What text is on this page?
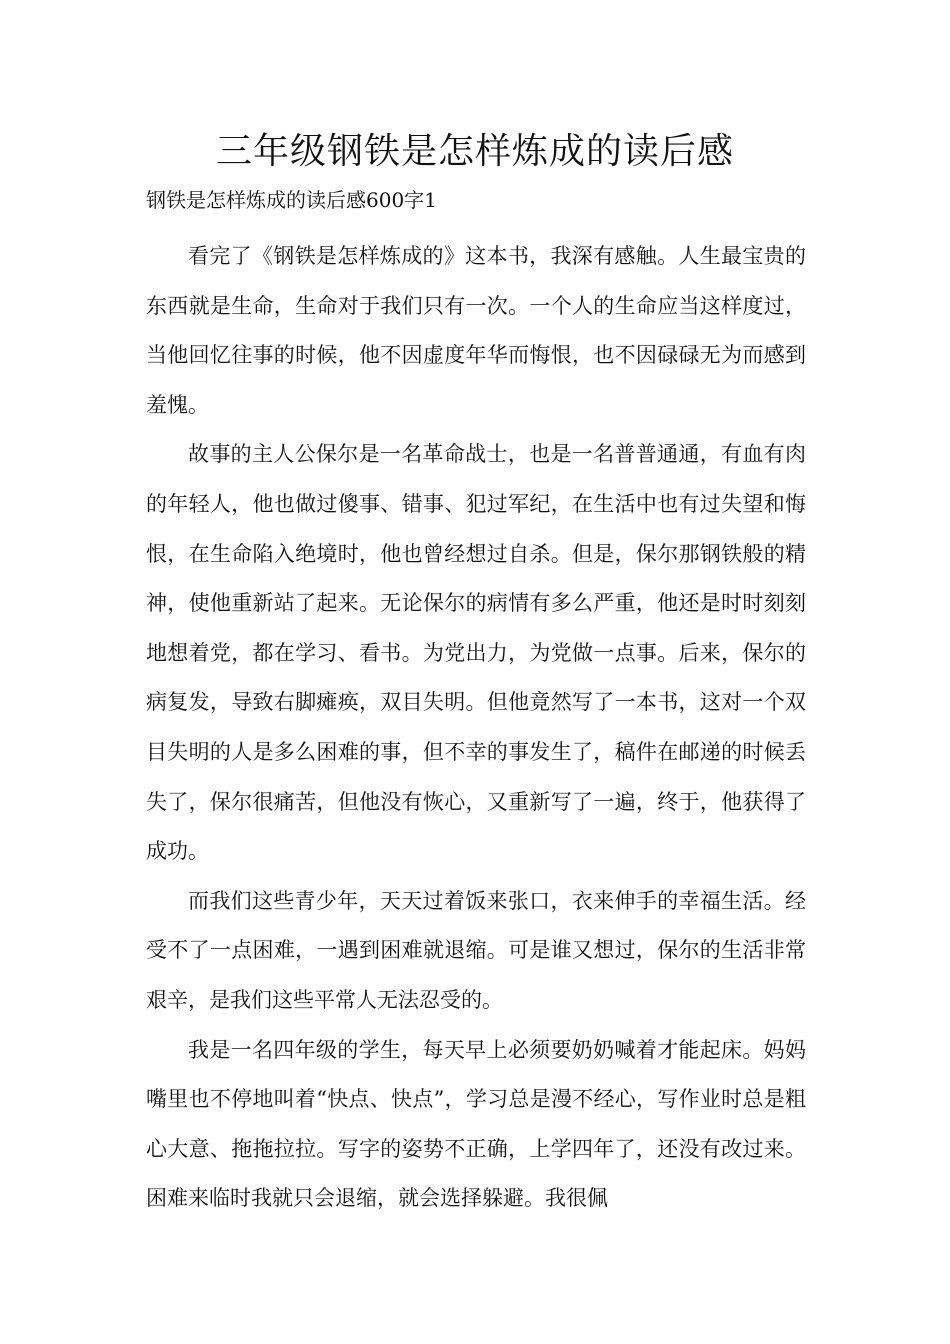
三年级钢铁是怎样炼成的读后感

钢铁是怎样炼成的读后感600字1

看完了《钢铁是怎样炼成的》这本书，我深有感触。人生最宝贵的东西就是生命，生命对于我们只有一次。一个人的生命应当这样度过，当他回忆往事的时候，他不因虚度年华而悔恨，也不因碌碌无为而感到羞愧。

故事的主人公保尔是一名革命战士，也是一名普普通通，有血有肉的年轻人，他也做过傻事、错事、犯过军纪，在生活中也有过失望和悔恨，在生命陷入绝境时，他也曾经想过自杀。但是，保尔那钢铁般的精神，使他重新站了起来。无论保尔的病情有多么严重，他还是时时刻刻地想着党，都在学习、看书。为党出力，为党做一点事。后来，保尔的病复发，导致右脚瘫痪，双目失明。但他竟然写了一本书，这对一个双目失明的人是多么困难的事，但不幸的事发生了，稿件在邮递的时候丢失了，保尔很痛苦，但他没有恢心，又重新写了一遍，终于，他获得了成功。

而我们这些青少年，天天过着饭来张口，衣来伸手的幸福生活。经受不了一点困难，一遇到困难就退缩。可是谁又想过，保尔的生活非常艰辛，是我们这些平常人无法忍受的。

我是一名四年级的学生，每天早上必须要奶奶喊着才能起床。妈妈嘴里也不停地叫着“快点、快点”，学习总是漫不经心，写作业时总是粗心大意、拖拖拉拉。写字的姿势不正确，上学四年了，还没有改过来。困难来临时我就只会退缩，就会选择躲避。我很佩
